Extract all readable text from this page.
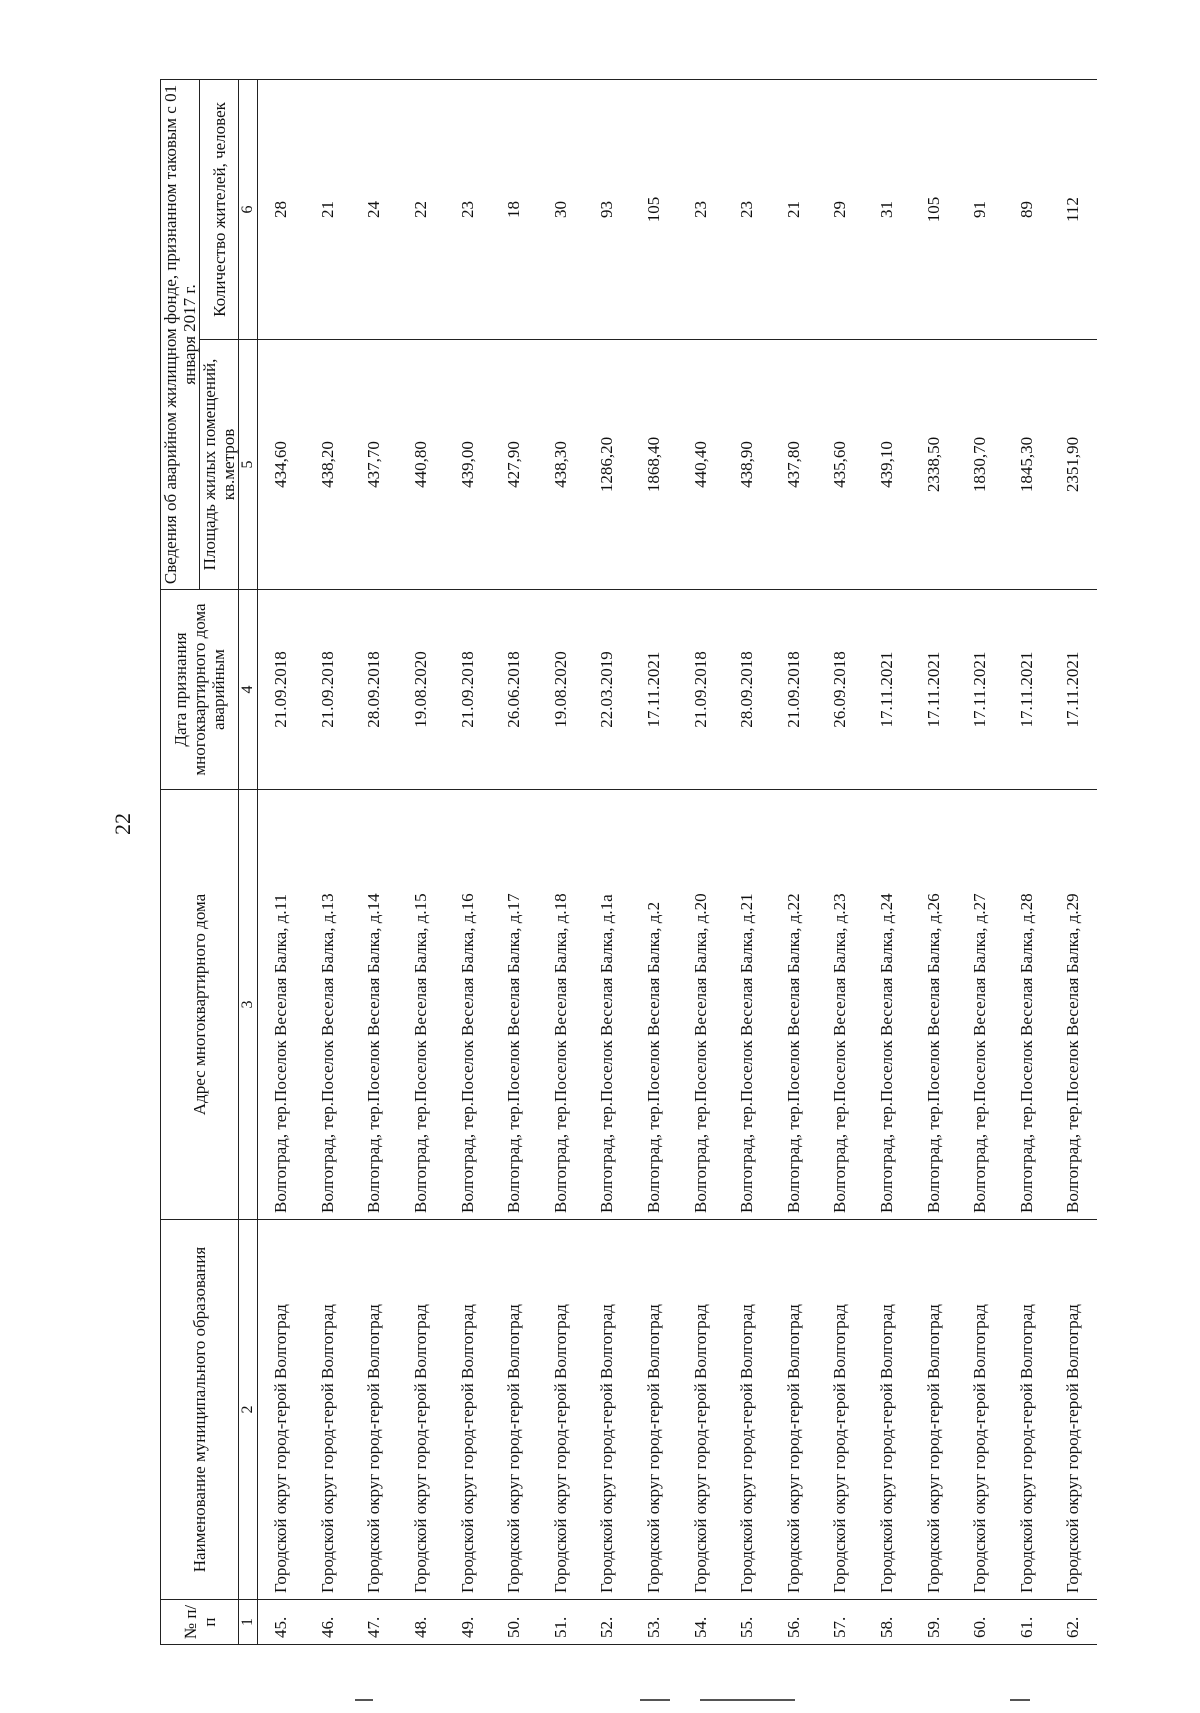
22
№ п/п	Наименование муниципального образования	Адрес многоквартирного дома	Дата признания многоквартирного дома аварийным	Сведения об аварийном жилищном фонде, признанном таковым с 01 января 2017 г.	
				Площадь жилых помещений, кв.метров	Количество жителей, человек
1	2	3	4	5	6
45.	Городской округ город-герой Волгоград	Волгоград, тер.Поселок Веселая Балка, д.11	21.09.2018	434,60	28
46.	Городской округ город-герой Волгоград	Волгоград, тер.Поселок Веселая Балка, д.13	21.09.2018	438,20	21
47.	Городской округ город-герой Волгоград	Волгоград, тер.Поселок Веселая Балка, д.14	28.09.2018	437,70	24
48.	Городской округ город-герой Волгоград	Волгоград, тер.Поселок Веселая Балка, д.15	19.08.2020	440,80	22
49.	Городской округ город-герой Волгоград	Волгоград, тер.Поселок Веселая Балка, д.16	21.09.2018	439,00	23
50.	Городской округ город-герой Волгоград	Волгоград, тер.Поселок Веселая Балка, д.17	26.06.2018	427,90	18
51.	Городской округ город-герой Волгоград	Волгоград, тер.Поселок Веселая Балка, д.18	19.08.2020	438,30	30
52.	Городской округ город-герой Волгоград	Волгоград, тер.Поселок Веселая Балка, д.1а	22.03.2019	1286,20	93
53.	Городской округ город-герой Волгоград	Волгоград, тер.Поселок Веселая Балка, д.2	17.11.2021	1868,40	105
54.	Городской округ город-герой Волгоград	Волгоград, тер.Поселок Веселая Балка, д.20	21.09.2018	440,40	23
55.	Городской округ город-герой Волгоград	Волгоград, тер.Поселок Веселая Балка, д.21	28.09.2018	438,90	23
56.	Городской округ город-герой Волгоград	Волгоград, тер.Поселок Веселая Балка, д.22	21.09.2018	437,80	21
57.	Городской округ город-герой Волгоград	Волгоград, тер.Поселок Веселая Балка, д.23	26.09.2018	435,60	29
58.	Городской округ город-герой Волгоград	Волгоград, тер.Поселок Веселая Балка, д.24	17.11.2021	439,10	31
59.	Городской округ город-герой Волгоград	Волгоград, тер.Поселок Веселая Балка, д.26	17.11.2021	2338,50	105
60.	Городской округ город-герой Волгоград	Волгоград, тер.Поселок Веселая Балка, д.27	17.11.2021	1830,70	91
61.	Городской округ город-герой Волгоград	Волгоград, тер.Поселок Веселая Балка, д.28	17.11.2021	1845,30	89
62.	Городской округ город-герой Волгоград	Волгоград, тер.Поселок Веселая Балка, д.29	17.11.2021	2351,90	112
